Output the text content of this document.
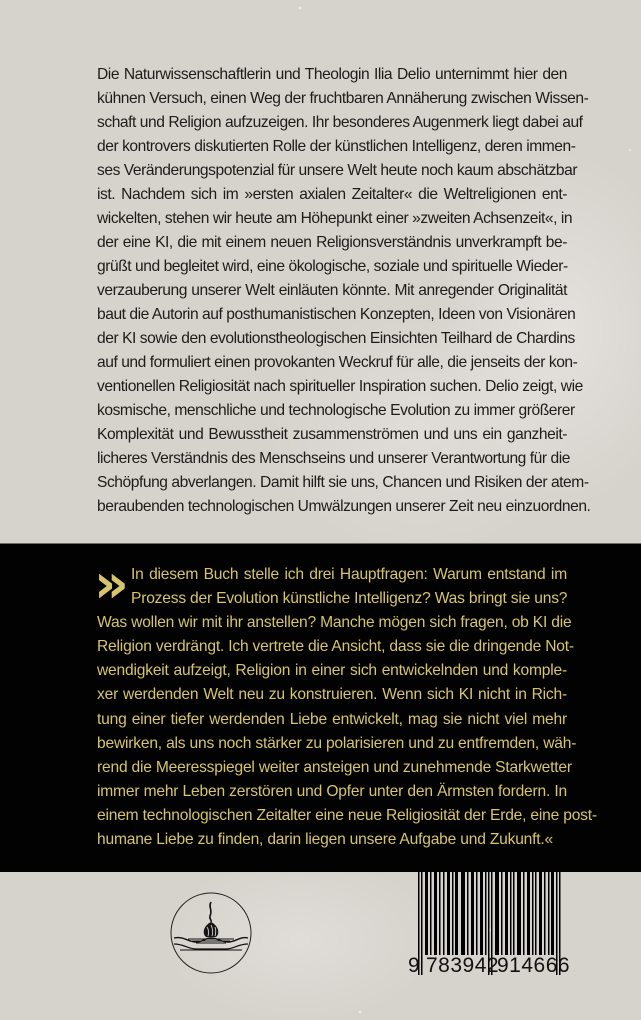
Die Naturwissenschaftlerin und Theologin Ilia Delio unternimmt hier den
kühnen Versuch, einen Weg der fruchtbaren Annäherung zwischen Wissen-
schaft und Religion aufzuzeigen. Ihr besonderes Augenmerk liegt dabei auf
der kontrovers diskutierten Rolle der künstlichen Intelligenz, deren immen-
ses Veränderungspotenzial für unsere Welt heute noch kaum abschätzbar
ist. Nachdem sich im »ersten axialen Zeitalter« die Weltreligionen ent-
wickelten, stehen wir heute am Höhepunkt einer »zweiten Achsenzeit«, in
der eine KI, die mit einem neuen Religionsverständnis unverkrampft be-
grüßt und begleitet wird, eine ökologische, soziale und spirituelle Wieder-
verzauberung unserer Welt einläuten könnte. Mit anregender Originalität
baut die Autorin auf posthumanistischen Konzepten, Ideen von Visionären
der KI sowie den evolutionstheologischen Einsichten Teilhard de Chardins
auf und formuliert einen provokanten Weckruf für alle, die jenseits der kon-
ventionellen Religiosität nach spiritueller Inspiration suchen. Delio zeigt, wie
kosmische, menschliche und technologische Evolution zu immer größerer
Komplexität und Bewusstheit zusammenströmen und uns ein ganzheit-
licheres Verständnis des Menschseins und unserer Verantwortung für die
Schöpfung abverlangen. Damit hilft sie uns, Chancen und Risiken der atem-
beraubenden technologischen Umwälzungen unserer Zeit neu einzuordnen.
» In diesem Buch stelle ich drei Hauptfragen: Warum entstand im
Prozess der Evolution künstliche Intelligenz? Was bringt sie uns?
Was wollen wir mit ihr anstellen? Manche mögen sich fragen, ob KI die
Religion verdrängt. Ich vertrete die Ansicht, dass sie die dringende Not-
wendigkeit aufzeigt, Religion in einer sich entwickelnden und komple-
xer werdenden Welt neu zu konstruieren. Wenn sich KI nicht in Rich-
tung einer tiefer werdenden Liebe entwickelt, mag sie nicht viel mehr
bewirken, als uns noch stärker zu polarisieren und zu entfremden, wäh-
rend die Meeresspiegel weiter ansteigen und zunehmende Starkwetter
immer mehr Leben zerstören und Opfer unter den Ärmsten fordern. In
einem technologischen Zeitalter eine neue Religiosität der Erde, eine post-
humane Liebe zu finden, darin liegen unsere Aufgabe und Zukunft.«
9 783942
914666
